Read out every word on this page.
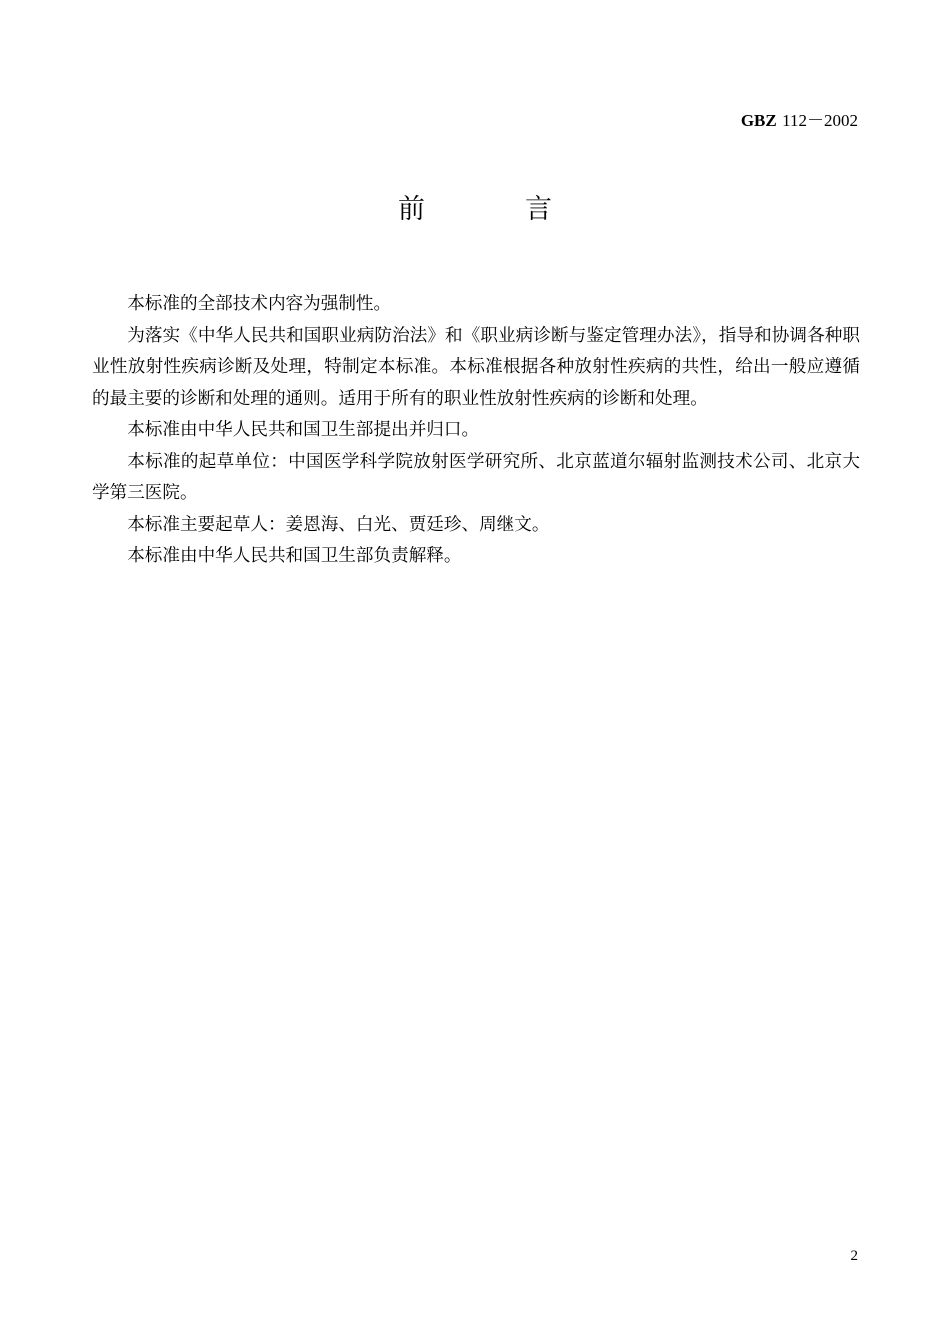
GBZ 112－2002
前	言

本标准的全部技术内容为强制性。

为落实《中华人民共和国职业病防治法》和《职业病诊断与鉴定管理办法》，指导和协调各种职业性放射性疾病诊断及处理，特制定本标准。本标准根据各种放射性疾病的共性，给出一般应遵循的最主要的诊断和处理的通则。适用于所有的职业性放射性疾病的诊断和处理。

本标准由中华人民共和国卫生部提出并归口。

本标准的起草单位：中国医学科学院放射医学研究所、北京蓝道尔辐射监测技术公司、北京大学第三医院。

本标准主要起草人：姜恩海、白光、贾廷珍、周继文。

本标准由中华人民共和国卫生部负责解释。

2
